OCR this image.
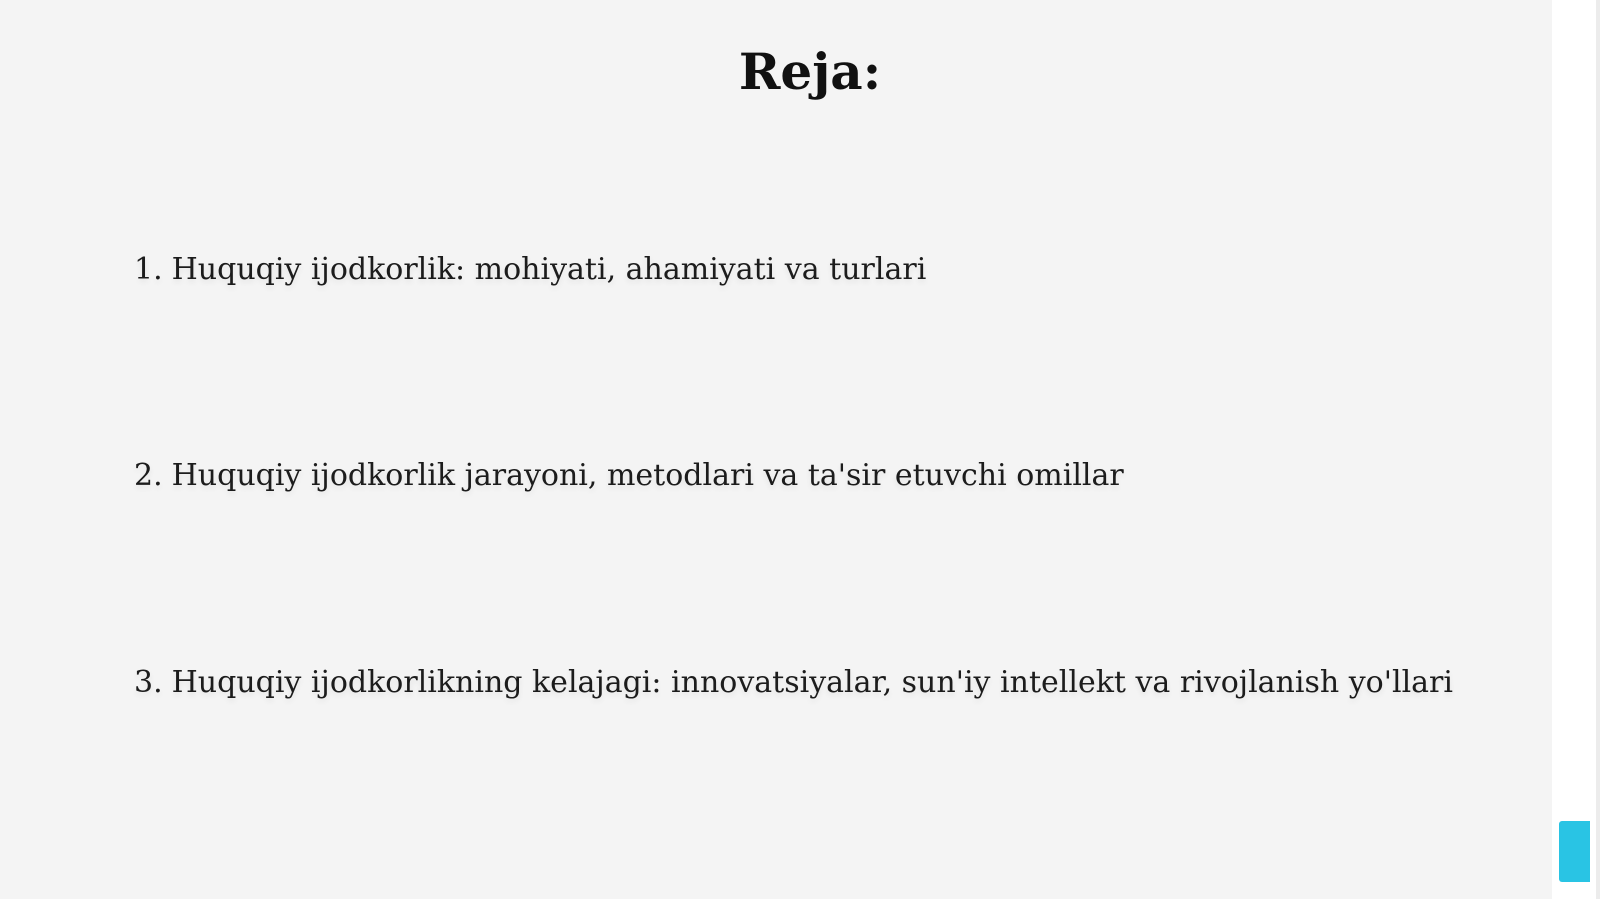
Reja:
1. Huquqiy ijodkorlik: mohiyati, ahamiyati va turlari
2. Huquqiy ijodkorlik jarayoni, metodlari va ta'sir etuvchi omillar
3. Huquqiy ijodkorlikning kelajagi: innovatsiyalar, sun'iy intellekt va rivojlanish yo'llari
